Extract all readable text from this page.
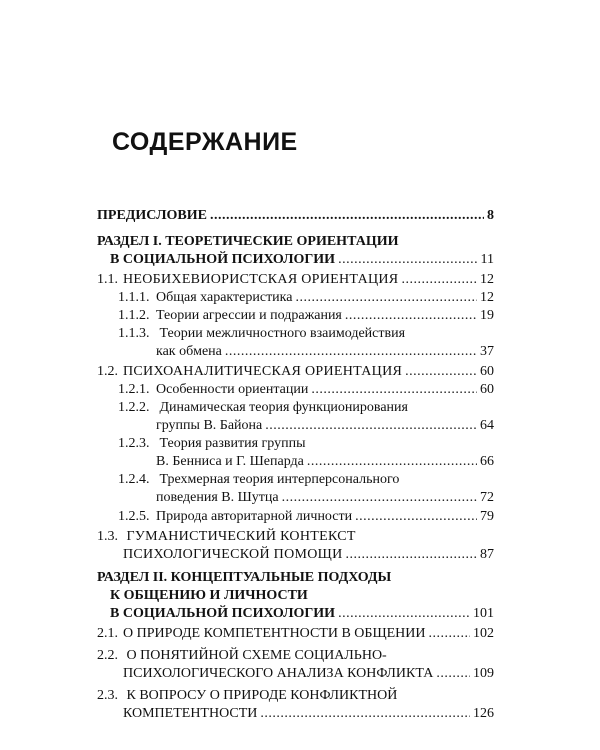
СОДЕРЖАНИЕ
ПРЕДИСЛОВИЕ .....	8
РАЗДЕЛ I. ТЕОРЕТИЧЕСКИЕ ОРИЕНТАЦИИ
В СОЦИАЛЬНОЙ ПСИХОЛОГИИ .....	11
1.1. НЕОБИХЕВИОРИСТСКАЯ ОРИЕНТАЦИЯ .....	12
1.1.1. Общая характеристика .....	12
1.1.2. Теории агрессии и подражания .....	19
1.1.3. Теории межличностного взаимодействия
как обмена .....	37
1.2. ПСИХОАНАЛИТИЧЕСКАЯ ОРИЕНТАЦИЯ .....	60
1.2.1. Особенности ориентации .....	60
1.2.2. Динамическая теория функционирования
группы В. Байона .....	64
1.2.3. Теория развития группы
В. Бенниса и Г. Шепарда .....	66
1.2.4. Трехмерная теория интерперсонального
поведения В. Шутца .....	72
1.2.5. Природа авторитарной личности .....	79
1.3. ГУМАНИСТИЧЕСКИЙ КОНТЕКСТ
ПСИХОЛОГИЧЕСКОЙ ПОМОЩИ .....	87
РАЗДЕЛ II. КОНЦЕПТУАЛЬНЫЕ ПОДХОДЫ
К ОБЩЕНИЮ И ЛИЧНОСТИ
В СОЦИАЛЬНОЙ ПСИХОЛОГИИ .....	101
2.1. О ПРИРОДЕ КОМПЕТЕНТНОСТИ В ОБЩЕНИИ .....	102
2.2. О ПОНЯТИЙНОЙ СХЕМЕ СОЦИАЛЬНО-
ПСИХОЛОГИЧЕСКОГО АНАЛИЗА КОНФЛИКТА .....	109
2.3. К ВОПРОСУ О ПРИРОДЕ КОНФЛИКТНОЙ
КОМПЕТЕНТНОСТИ .....	126
